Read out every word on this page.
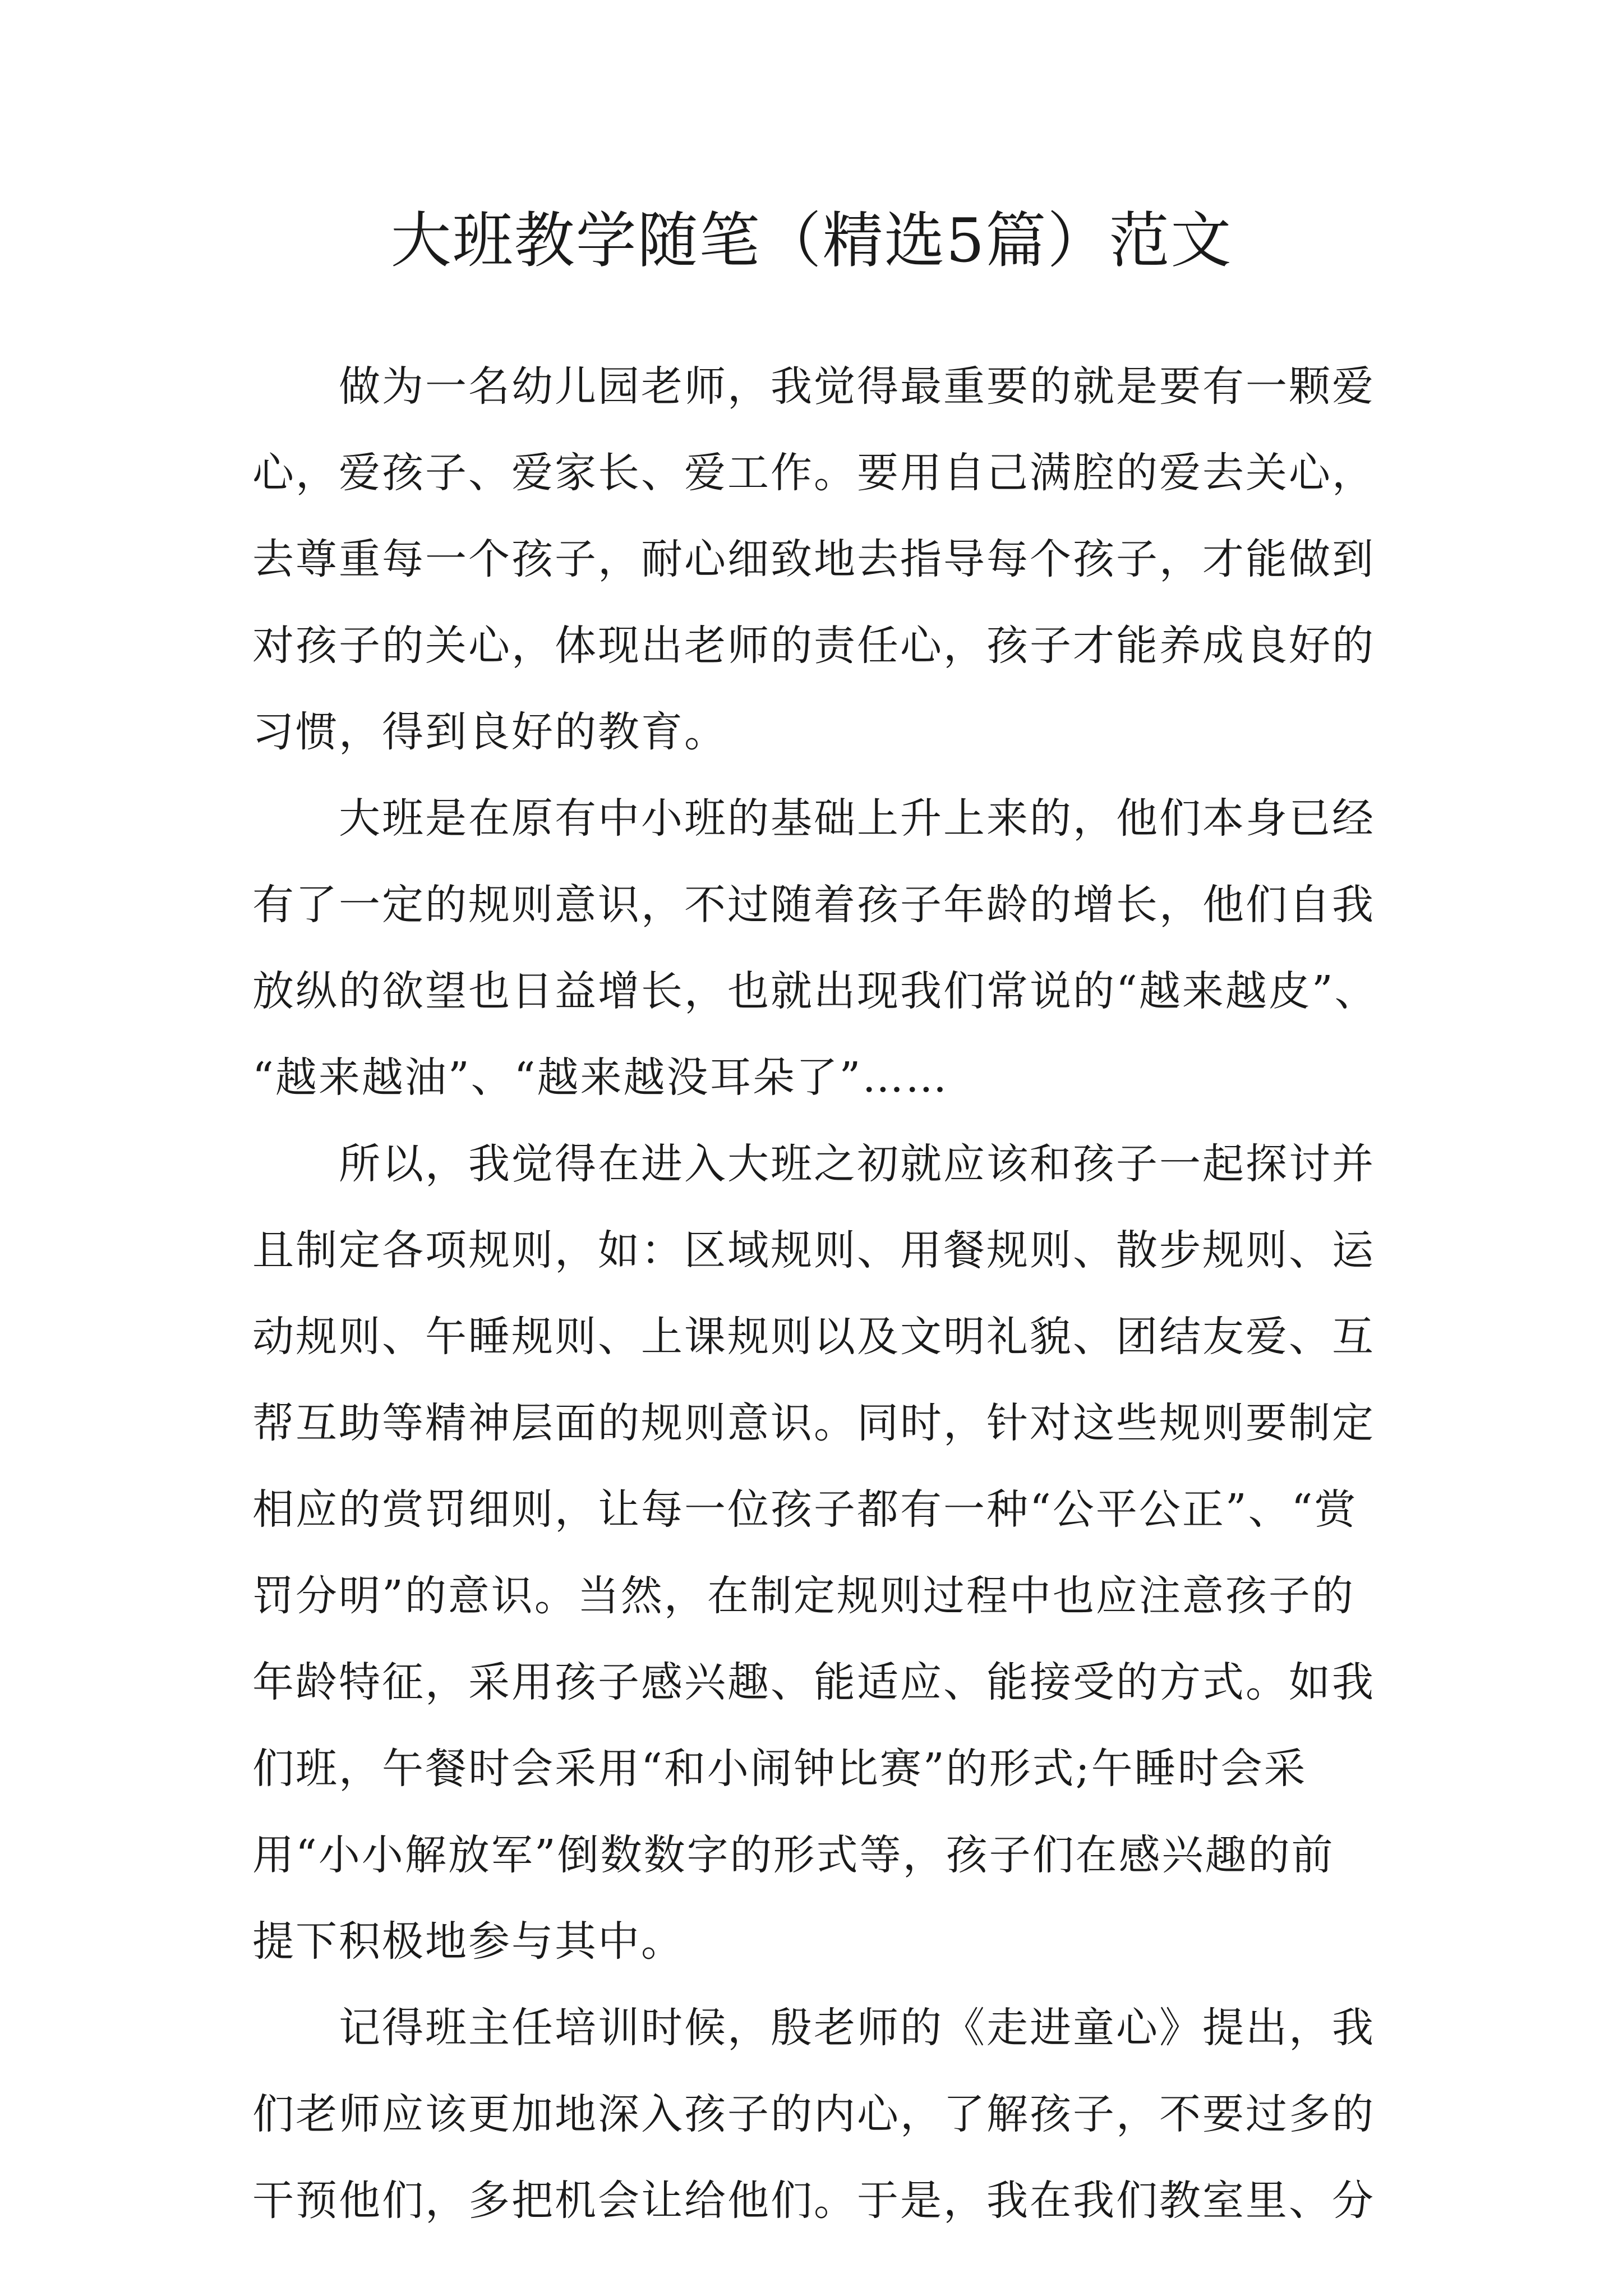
大班教学随笔（精选5篇）范文
做为一名幼儿园老师，我觉得最重要的就是要有一颗爱
心，爱孩子、爱家长、爱工作。要用自己满腔的爱去关心，
去尊重每一个孩子，耐心细致地去指导每个孩子，才能做到
对孩子的关心，体现出老师的责任心，孩子才能养成良好的
习惯，得到良好的教育。
大班是在原有中小班的基础上升上来的，他们本身已经
有了一定的规则意识，不过随着孩子年龄的增长，他们自我
放纵的欲望也日益增长，也就出现我们常说的“越来越皮”、
“越来越油”、“越来越没耳朵了”……
所以，我觉得在进入大班之初就应该和孩子一起探讨并
且制定各项规则，如：区域规则、用餐规则、散步规则、运
动规则、午睡规则、上课规则以及文明礼貌、团结友爱、互
帮互助等精神层面的规则意识。同时，针对这些规则要制定
相应的赏罚细则，让每一位孩子都有一种“公平公正”、“赏
罚分明”的意识。当然，在制定规则过程中也应注意孩子的
年龄特征，采用孩子感兴趣、能适应、能接受的方式。如我
们班，午餐时会采用“和小闹钟比赛”的形式;午睡时会采
用“小小解放军”倒数数字的形式等，孩子们在感兴趣的前
提下积极地参与其中。
记得班主任培训时候，殷老师的《走进童心》提出，我
们老师应该更加地深入孩子的内心，了解孩子，不要过多的
干预他们，多把机会让给他们。于是，我在我们教室里、分
